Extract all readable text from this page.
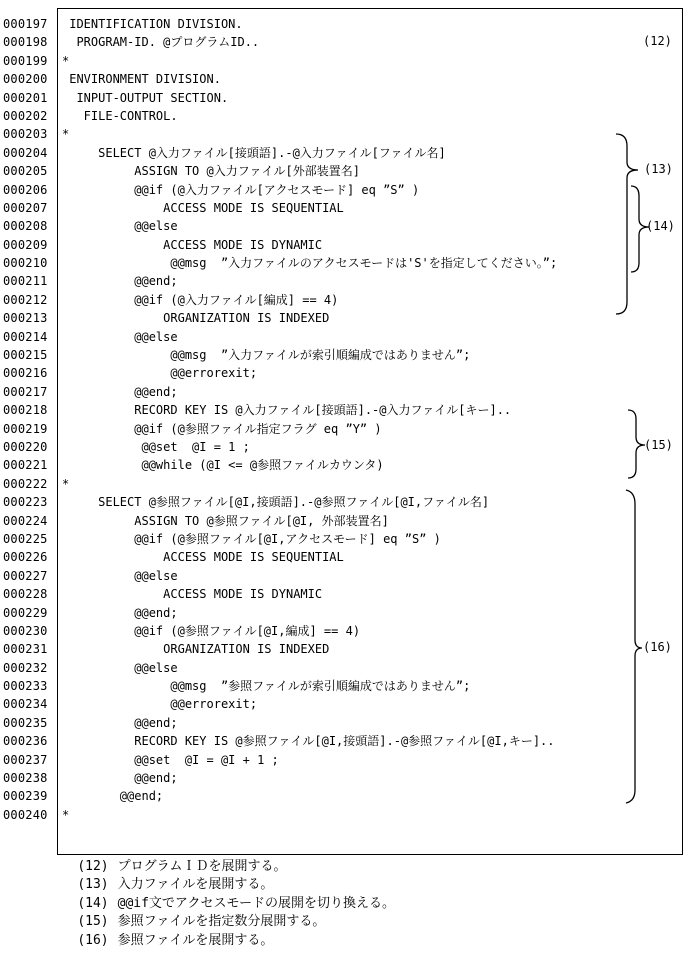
000197 IDENTIFICATION DIVISION.
000198 PROGRAM-ID. @プログラムID..
000199 *
000200 ENVIRONMENT DIVISION.
000201 INPUT-OUTPUT SECTION.
000202 FILE-CONTROL.
000203 *
000204 SELECT @入力ファイル[接頭語].-@入力ファイル[ファイル名]
000205 ASSIGN TO @入力ファイル[外部装置名]
000206 @@if (@入力ファイル[アクセスモード] eq ”S” )
000207 ACCESS MODE IS SEQUENTIAL
000208 @@else
000209 ACCESS MODE IS DYNAMIC
000210 @@msg  ”入力ファイルのアクセスモードは'S'を指定してください。”;
000211 @@end;
000212 @@if (@入力ファイル[編成] == 4)
000213 ORGANIZATION IS INDEXED
000214 @@else
000215 @@msg  ”入力ファイルが索引順編成ではありません”;
000216 @@errorexit;
000217 @@end;
000218 RECORD KEY IS @入力ファイル[接頭語].-@入力ファイル[キー]..
000219 @@if (@参照ファイル指定フラグ eq ”Y” )
000220 @@set  @I = 1 ;
000221 @@while (@I <= @参照ファイルカウンタ)
000222 *
000223 SELECT @参照ファイル[@I,接頭語].-@参照ファイル[@I,ファイル名]
000224 ASSIGN TO @参照ファイル[@I, 外部装置名]
000225 @@if (@参照ファイル[@I,アクセスモード] eq ”S” )
000226 ACCESS MODE IS SEQUENTIAL
000227 @@else
000228 ACCESS MODE IS DYNAMIC
000229 @@end;
000230 @@if (@参照ファイル[@I,編成] == 4)
000231 ORGANIZATION IS INDEXED
000232 @@else
000233 @@msg  ”参照ファイルが索引順編成ではありません”;
000234 @@errorexit;
000235 @@end;
000236 RECORD KEY IS @参照ファイル[@I,接頭語].-@参照ファイル[@I,キー]..
000237 @@set  @I = @I + 1 ;
000238 @@end;
000239 @@end;
000240 *
(12)
(13)
(14)
(15)
(16)

(12) プログラムＩＤを展開する。

(13) 入力ファイルを展開する。

(14) @@if文でアクセスモードの展開を切り換える。

(15) 参照ファイルを指定数分展開する。

(16) 参照ファイルを展開する。
